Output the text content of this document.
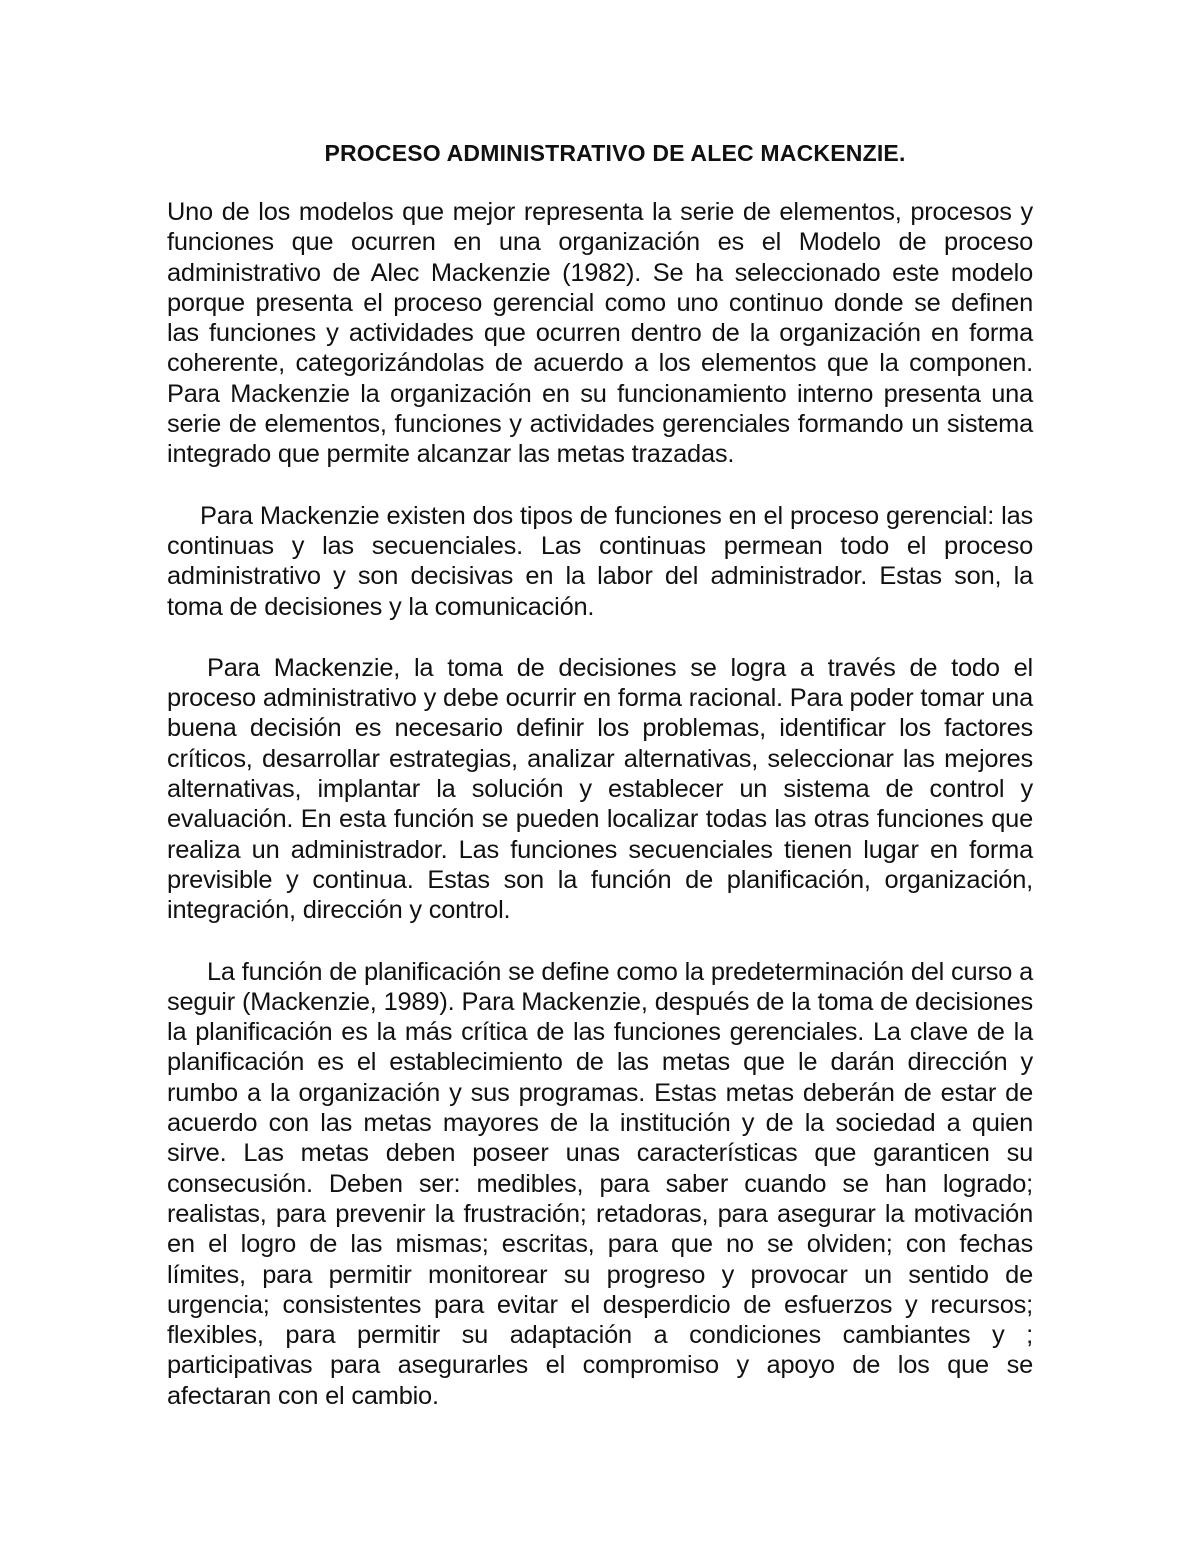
PROCESO ADMINISTRATIVO DE ALEC MACKENZIE.

Uno de los modelos que mejor representa la serie de elementos, procesos y funciones que ocurren en una organización es el Modelo de proceso administrativo de Alec Mackenzie (1982). Se ha seleccionado este modelo porque presenta el proceso gerencial como uno continuo donde se definen las funciones y actividades que ocurren dentro de la organización en forma coherente, categorizándolas de acuerdo a los elementos que la componen. Para Mackenzie la organización en su funcionamiento interno presenta una serie de elementos, funciones y actividades gerenciales formando un sistema integrado que permite alcanzar las metas trazadas.

Para Mackenzie existen dos tipos de funciones en el proceso gerencial: las continuas y las secuenciales. Las continuas permean todo el proceso administrativo y son decisivas en la labor del administrador. Estas son, la toma de decisiones y la comunicación.

Para Mackenzie, la toma de decisiones se logra a través de todo el proceso administrativo y debe ocurrir en forma racional. Para poder tomar una buena decisión es necesario definir los problemas, identificar los factores críticos, desarrollar estrategias, analizar alternativas, seleccionar las mejores alternativas, implantar la solución y establecer un sistema de control y evaluación. En esta función se pueden localizar todas las otras funciones que realiza un administrador. Las funciones secuenciales tienen lugar en forma previsible y continua. Estas son la función de planificación, organización, integración, dirección y control.

La función de planificación se define como la predeterminación del curso a seguir (Mackenzie, 1989). Para Mackenzie, después de la toma de decisiones la planificación es la más crítica de las funciones gerenciales. La clave de la planificación es el establecimiento de las metas que le darán dirección y rumbo a la organización y sus programas. Estas metas deberán de estar de acuerdo con las metas mayores de la institución y de la sociedad a quien sirve. Las metas deben poseer unas características que garanticen su consecusión. Deben ser: medibles, para saber cuando se han logrado; realistas, para prevenir la frustración; retadoras, para asegurar la motivación en el logro de las mismas; escritas, para que no se olviden; con fechas límites, para permitir monitorear su progreso y provocar un sentido de urgencia; consistentes para evitar el desperdicio de esfuerzos y recursos; flexibles, para permitir su adaptación a condiciones cambiantes y ; participativas para asegurarles el compromiso y apoyo de los que se afectaran con el cambio.
